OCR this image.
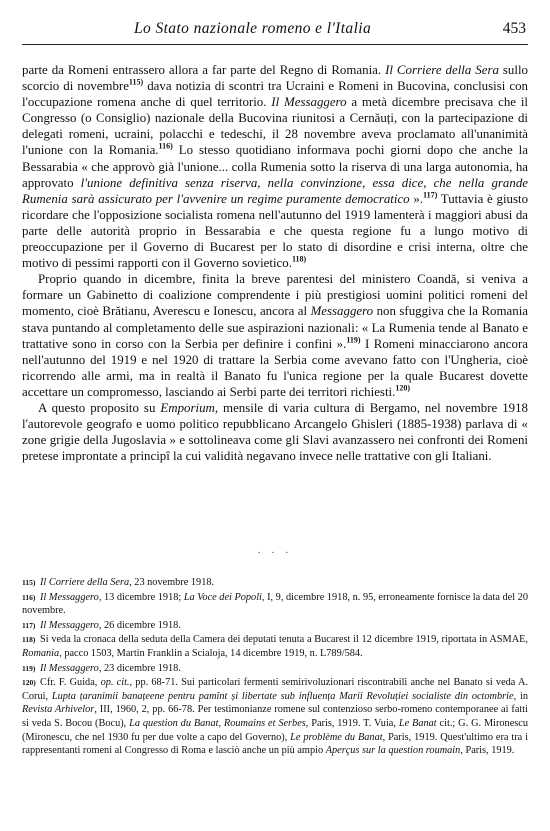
Lo Stato nazionale romeno e l'Italia	453

parte da Romeni entrassero allora a far parte del Regno di Romania. Il Corriere della Sera sullo scorcio di novembre$^{115)}$ dava notizia di scontri tra Ucraini e Romeni in Bucovina, conclusisi con l'occupazione romena anche di quel territorio. Il Messaggero a metà dicembre precisava che il Congresso (o Consiglio) nazionale della Bucovina riunitosi a Cernăuți, con la partecipazione di delegati romeni, ucraini, polacchi e tedeschi, il 28 novembre aveva proclamato all'unanimità l'unione con la Romania.$^{116)}$ Lo stesso quotidiano informava pochi giorni dopo che anche la Bessarabia « che approvò già l'unione... colla Rumenia sotto la riserva di una larga autonomia, ha approvato l'unione definitiva senza riserva, nella convinzione, essa dice, che nella grande Rumenia sarà assicurato per l'avvenire un regime puramente democratico ».$^{117)}$ Tuttavia è giusto ricordare che l'opposizione socialista romena nell'autunno del 1919 lamenterà i maggiori abusi da parte delle autorità proprio in Bessarabia e che questa regione fu a lungo motivo di preoccupazione per il Governo di Bucarest per lo stato di disordine e crisi interna, oltre che motivo di pessimi rapporti con il Governo sovietico.$^{118)}$

Proprio quando in dicembre, finita la breve parentesi del ministero Coandă, si veniva a formare un Gabinetto di coalizione comprendente i più prestigiosi uomini politici romeni del momento, cioè Brătianu, Averescu e Ionescu, ancora al Messaggero non sfuggiva che la Romania stava puntando al completamento delle sue aspirazioni nazionali: « La Rumenia tende al Banato e trattative sono in corso con la Serbia per definire i confini ».$^{119)}$ I Romeni minacciarono ancora nell'autunno del 1919 e nel 1920 di trattare la Serbia come avevano fatto con l'Ungheria, cioè ricorrendo alle armi, ma in realtà il Banato fu l'unica regione per la quale Bucarest dovette accettare un compromesso, lasciando ai Serbi parte dei territori richiesti.$^{120)}$

A questo proposito su Emporium, mensile di varia cultura di Bergamo, nel novembre 1918 l'autorevole geografo e uomo politico repubblicano Arcangelo Ghisleri (1885-1938) parlava di « zone grigie della Jugoslavia » e sottolineava come gli Slavi avanzassero nei confronti dei Romeni pretese improntate a principî la cui validità negavano invece nelle trattative con gli Italiani.

· · ·

115) Il Corriere della Sera, 23 novembre 1918.

116) Il Messaggero, 13 dicembre 1918; La Voce dei Popoli, I, 9, dicembre 1918, n. 95, erroneamente fornisce la data del 20 novembre.

117) Il Messaggero, 26 dicembre 1918.

118) Si veda la cronaca della seduta della Camera dei deputati tenuta a Bucarest il 12 dicembre 1919, riportata in ASMAE, Romania, pacco 1503, Martin Franklin a Scialoja, 14 dicembre 1919, n. L789/584.

119) Il Messaggero, 23 dicembre 1918.

120) Cfr. F. Guida, op. cit., pp. 68-71. Sui particolari fermenti semirivoluzionari riscontrabili anche nel Banato si veda A. Corui, Lupta țaranimii banațeene pentru pamînt și libertate sub influența Marii Revoluției socialiste din octombrie, in Revista Arhivelor, III, 1960, 2, pp. 66-78. Per testimonianze romene sul contenzioso serbo-romeno contemporanee ai fatti si veda S. Bocou (Bocu), La question du Banat, Roumains et Serbes, Paris, 1919. T. Vuia, Le Banat cit.; G. G. Mironescu (Mironescu, che nel 1930 fu per due volte a capo del Governo), Le problème du Banat, Paris, 1919. Quest'ultimo era tra i rappresentanti romeni al Congresso di Roma e lasciò anche un più ampio Aperçus sur la question roumain, Paris, 1919.
